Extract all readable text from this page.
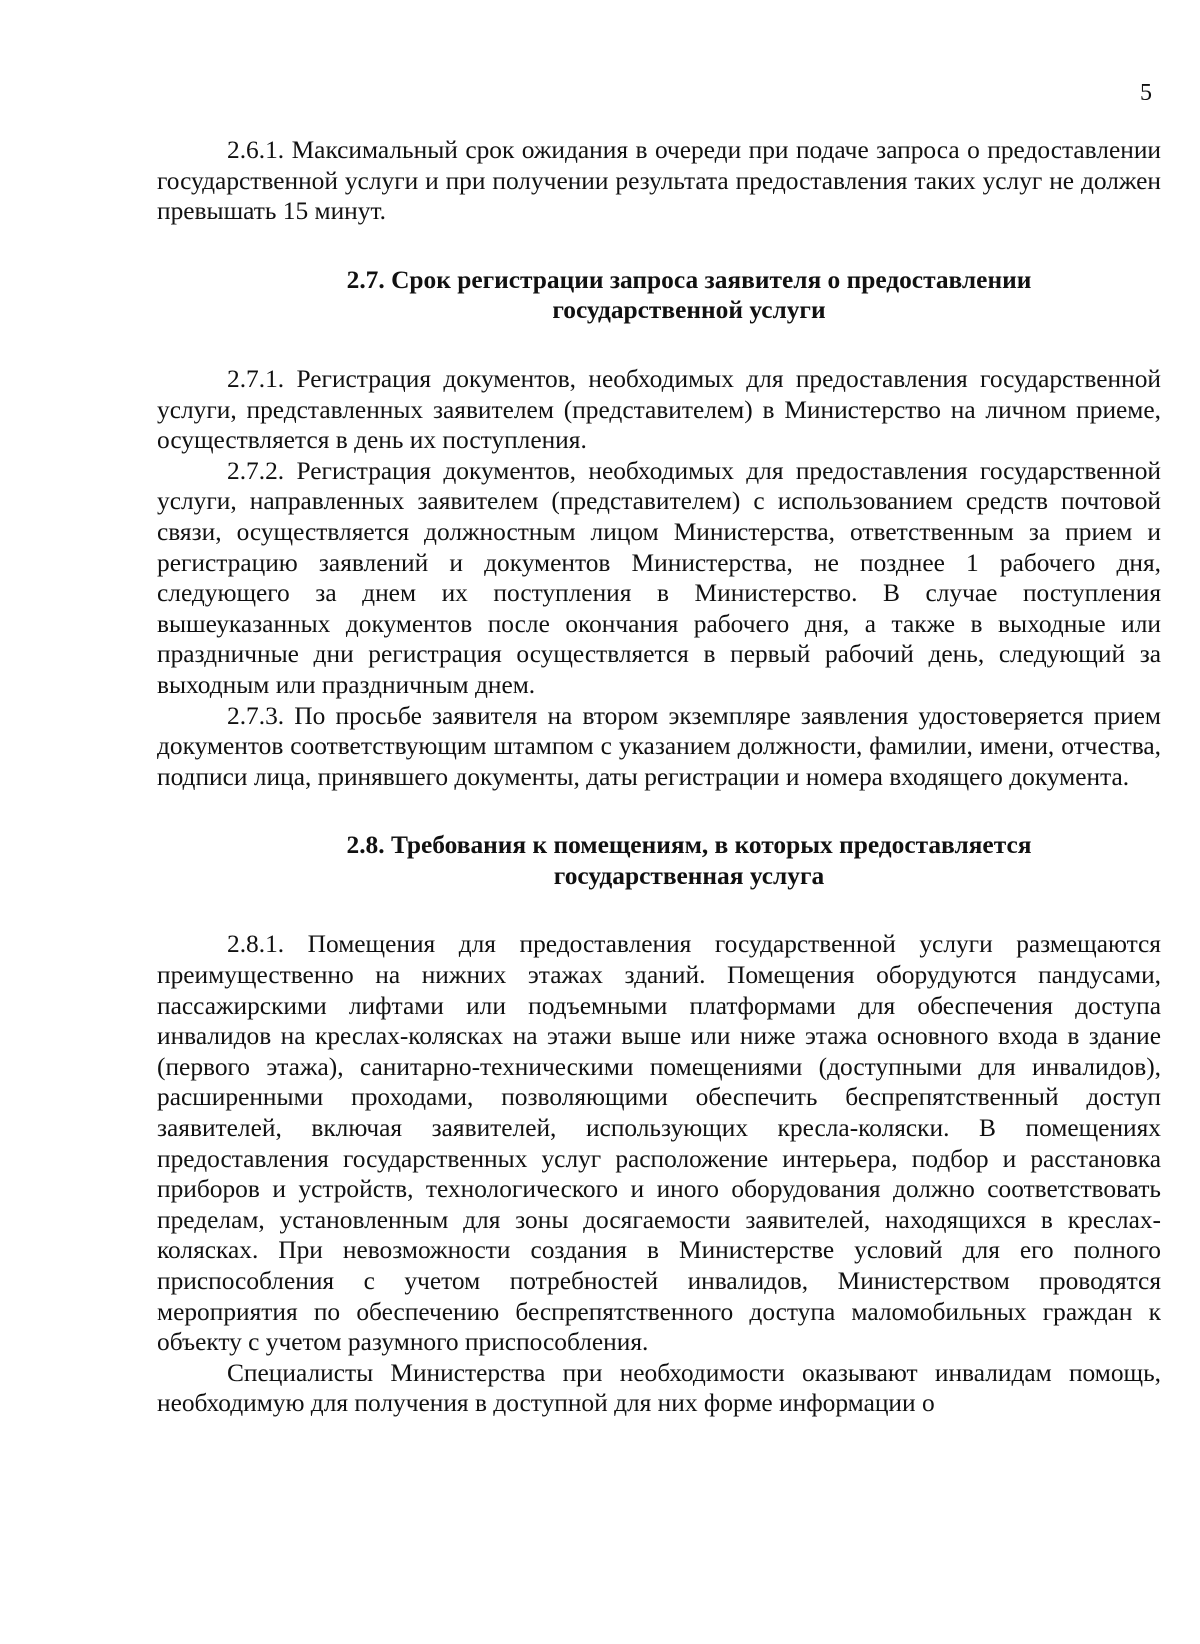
5

2.6.1. Максимальный срок ожидания в очереди при подаче запроса о предоставлении государственной услуги и при получении результата предоставления таких услуг не должен превышать 15 минут.

2.7. Срок регистрации запроса заявителя о предоставлении
государственной услуги

2.7.1. Регистрация документов, необходимых для предоставления государственной услуги, представленных заявителем (представителем) в Министерство на личном приеме, осуществляется в день их поступления.

2.7.2. Регистрация документов, необходимых для предоставления государственной услуги, направленных заявителем (представителем) с использованием средств почтовой связи, осуществляется должностным лицом Министерства, ответственным за прием и регистрацию заявлений и документов Министерства, не позднее 1 рабочего дня, следующего за днем их поступления в Министерство. В случае поступления вышеуказанных документов после окончания рабочего дня, а также в выходные или праздничные дни регистрация осуществляется в первый рабочий день, следующий за выходным или праздничным днем.

2.7.3. По просьбе заявителя на втором экземпляре заявления удостоверяется прием документов соответствующим штампом с указанием должности, фамилии, имени, отчества, подписи лица, принявшего документы, даты регистрации и номера входящего документа.

2.8. Требования к помещениям, в которых предоставляется
государственная услуга

2.8.1. Помещения для предоставления государственной услуги размещаются преимущественно на нижних этажах зданий. Помещения оборудуются пандусами, пассажирскими лифтами или подъемными платформами для обеспечения доступа инвалидов на креслах-колясках на этажи выше или ниже этажа основного входа в здание (первого этажа), санитарно-техническими помещениями (доступными для инвалидов), расширенными проходами, позволяющими обеспечить беспрепятственный доступ заявителей, включая заявителей, использующих кресла-коляски. В помещениях предоставления государственных услуг расположение интерьера, подбор и расстановка приборов и устройств, технологического и иного оборудования должно соответствовать пределам, установленным для зоны досягаемости заявителей, находящихся в креслах-колясках. При невозможности создания в Министерстве условий для его полного приспособления с учетом потребностей инвалидов, Министерством проводятся мероприятия по обеспечению беспрепятственного доступа маломобильных граждан к объекту с учетом разумного приспособления.

Специалисты Министерства при необходимости оказывают инвалидам помощь, необходимую для получения в доступной для них форме информации о
